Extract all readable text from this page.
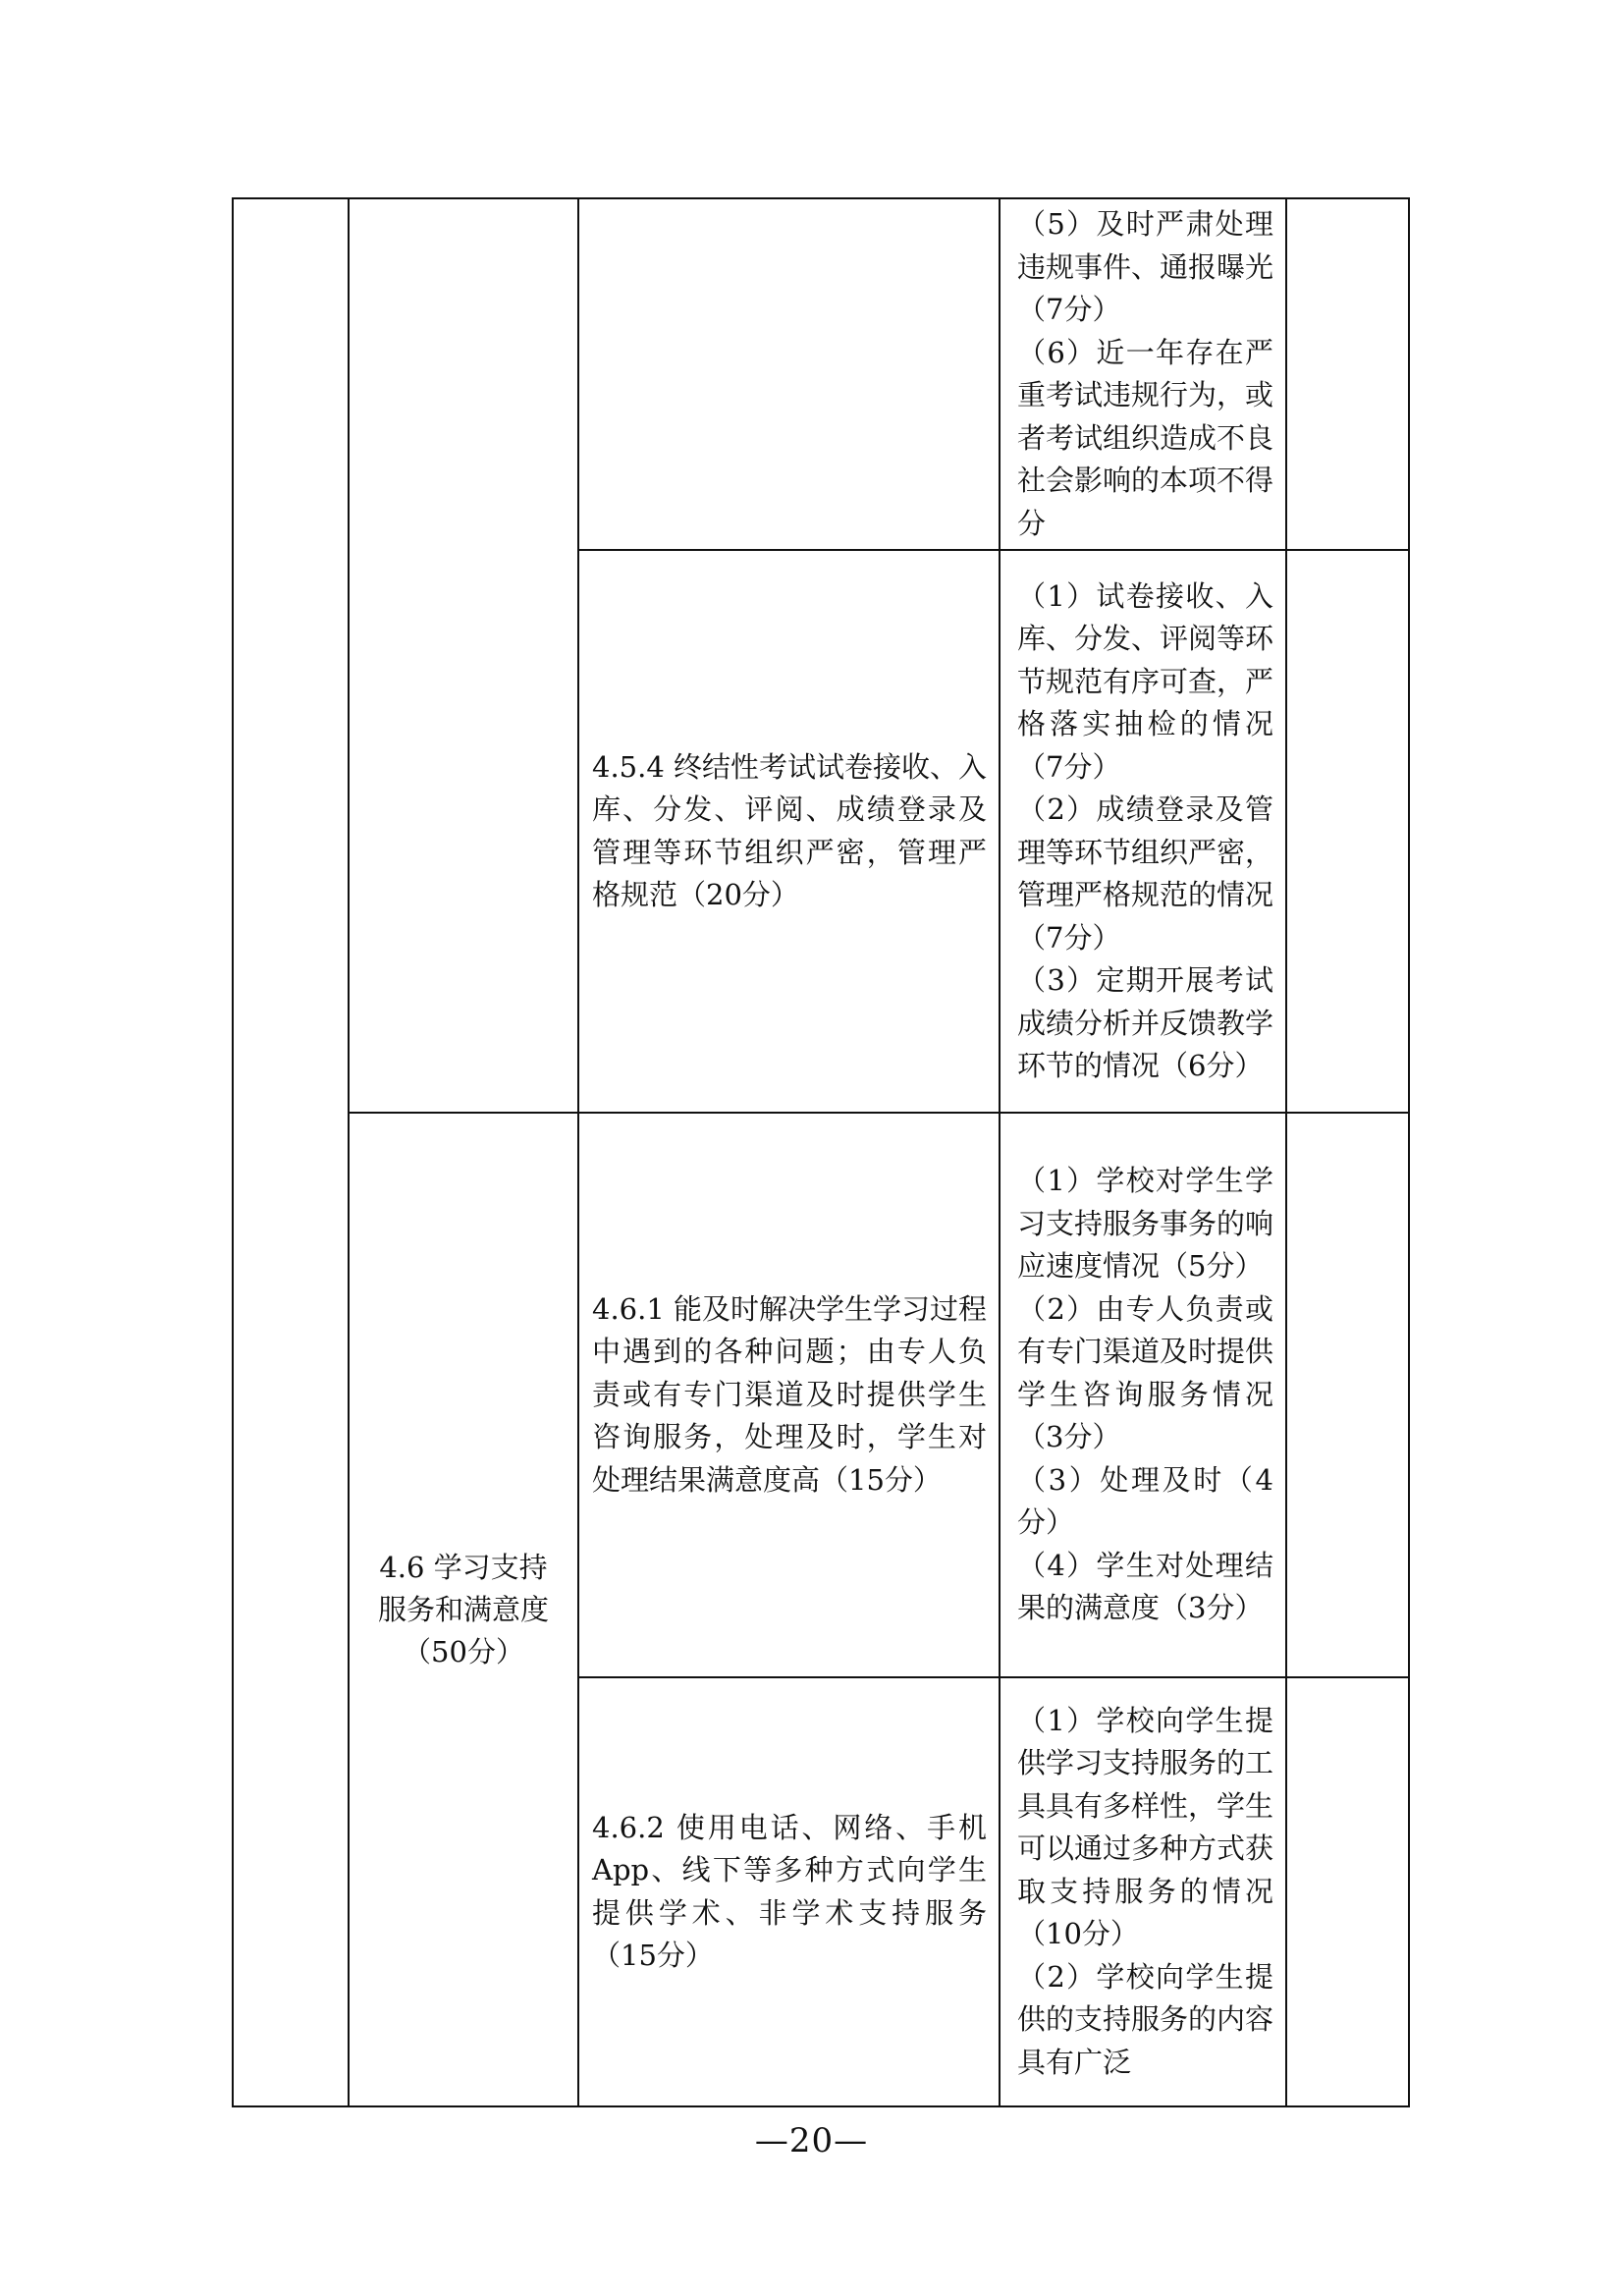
			（5）及时严肃处理违规事件、通报曝光（7分）

（6）近一年存在严重考试违规行为，或者考试组织造成不良社会影响的本项不得分	

		4.5.4 终结性考试试卷接收、入库、分发、评阅、成绩登录及管理等环节组织严密，管理严格规范（20分）	（1）试卷接收、入库、分发、评阅等环节规范有序可查，严格落实抽检的情况（7分）

（2）成绩登录及管理等环节组织严密，管理严格规范的情况（7分）

（3）定期开展考试成绩分析并反馈教学环节的情况（6分）	

	4.6 学习支持服务和满意度（50分）	4.6.1 能及时解决学生学习过程中遇到的各种问题；由专人负责或有专门渠道及时提供学生咨询服务，处理及时，学生对处理结果满意度高（15分）	（1）学校对学生学习支持服务事务的响应速度情况（5分）

（2）由专人负责或有专门渠道及时提供学生咨询服务情况（3分）

（3）处理及时（4分）

（4）学生对处理结果的满意度（3分）	

		4.6.2 使用电话、网络、手机App、线下等多种方式向学生提供学术、非学术支持服务（15分）	（1）学校向学生提供学习支持服务的工具具有多样性，学生可以通过多种方式获取支持服务的情况（10分）

（2）学校向学生提供的支持服务的内容具有广泛	

—20—
